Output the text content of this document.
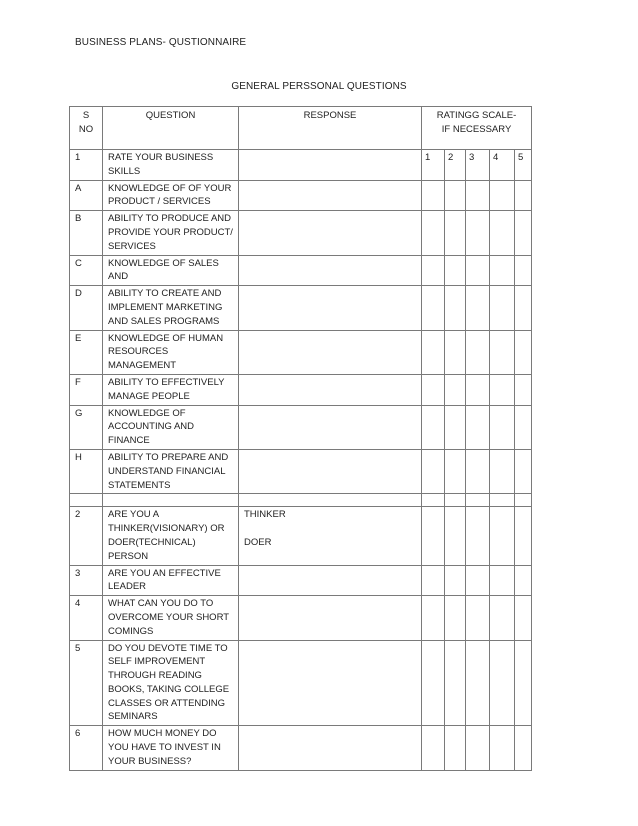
BUSINESS PLANS- QUSTIONNAIRE
GENERAL PERSSONAL QUESTIONS
S NO	QUESTION	RESPONSE	RATINGG SCALE-IF NECESSARY				
1	RATE YOUR BUSINESS SKILLS		1	2	3	4	5
A	KNOWLEDGE OF OF YOUR PRODUCT / SERVICES						
B	ABILITY TO PRODUCE AND PROVIDE YOUR PRODUCT/ SERVICES						
C	KNOWLEDGE OF SALES AND						
D	ABILITY TO CREATE AND IMPLEMENT MARKETING AND SALES PROGRAMS						
E	KNOWLEDGE OF HUMAN RESOURCES MANAGEMENT						
F	ABILITY TO EFFECTIVELY MANAGE PEOPLE						
G	KNOWLEDGE OF ACCOUNTING AND FINANCE						
H	ABILITY TO PREPARE AND UNDERSTAND FINANCIAL STATEMENTS						

2	ARE YOU A THINKER(VISIONARY) OR DOER(TECHNICAL) PERSON	THINKER
DOER					

3	ARE YOU AN EFFECTIVE LEADER						
4	WHAT CAN YOU DO TO OVERCOME YOUR SHORT COMINGS						
5	DO YOU DEVOTE TIME TO SELF IMPROVEMENT THROUGH READING BOOKS, TAKING COLLEGE CLASSES OR ATTENDING SEMINARS						
6	HOW MUCH MONEY DO YOU HAVE TO INVEST IN YOUR BUSINESS?						
